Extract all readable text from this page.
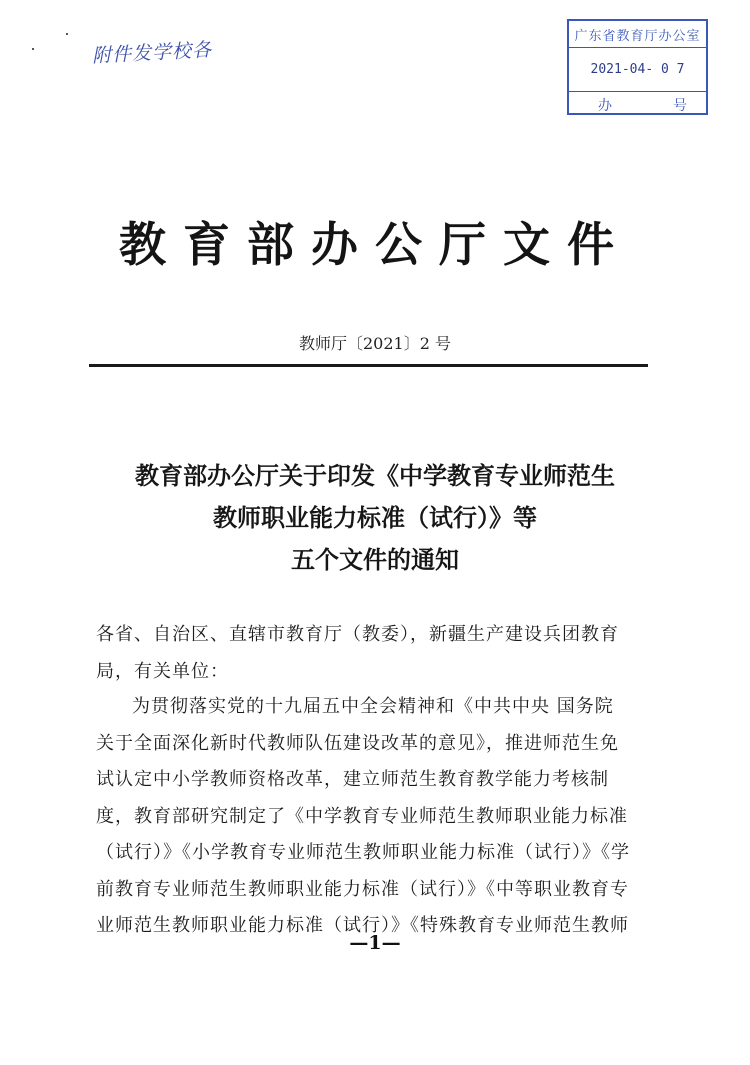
附件发学校各
广东省教育厅办公室
2021-04- 0 7
办	号
教育部办公厅文件
教师厅〔2021〕2 号
教育部办公厅关于印发《中学教育专业师范生
教师职业能力标准（试行）》等
五个文件的通知
各省、自治区、直辖市教育厅（教委），新疆生产建设兵团教育
局，有关单位：
为贯彻落实党的十九届五中全会精神和《中共中央 国务院
关于全面深化新时代教师队伍建设改革的意见》，推进师范生免
试认定中小学教师资格改革，建立师范生教育教学能力考核制
度，教育部研究制定了《中学教育专业师范生教师职业能力标准
（试行）》《小学教育专业师范生教师职业能力标准（试行）》《学
前教育专业师范生教师职业能力标准（试行）》《中等职业教育专
业师范生教师职业能力标准（试行）》《特殊教育专业师范生教师
—1—
